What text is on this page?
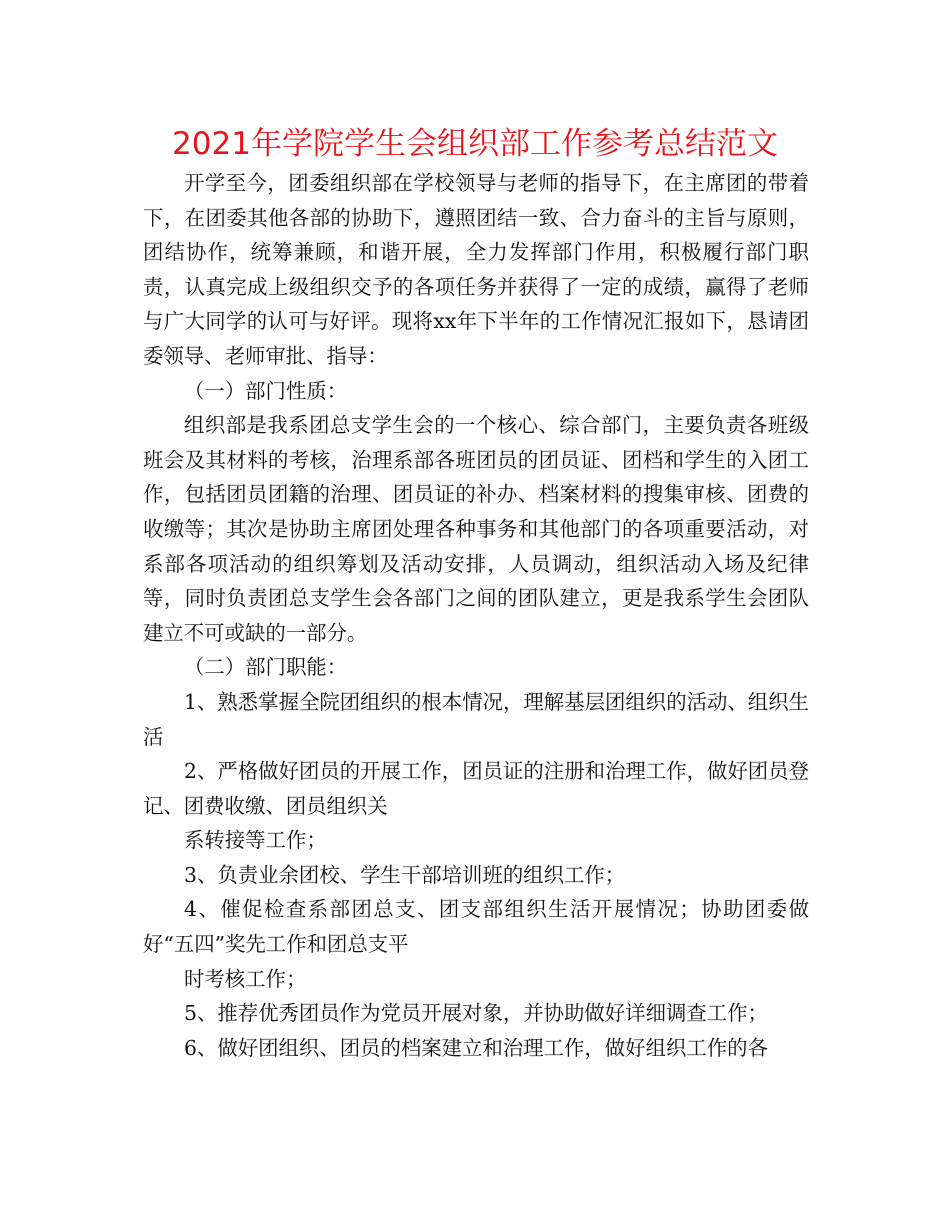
2021年学院学生会组织部工作参考总结范文

开学至今，团委组织部在学校领导与老师的指导下，在主席团的带着下，在团委其他各部的协助下，遵照团结一致、合力奋斗的主旨与原则，团结协作，统筹兼顾，和谐开展，全力发挥部门作用，积极履行部门职责，认真完成上级组织交予的各项任务并获得了一定的成绩，赢得了老师与广大同学的认可与好评。现将xx年下半年的工作情况汇报如下，恳请团委领导、老师审批、指导：

（一）部门性质：

组织部是我系团总支学生会的一个核心、综合部门，主要负责各班级班会及其材料的考核，治理系部各班团员的团员证、团档和学生的入团工作，包括团员团籍的治理、团员证的补办、档案材料的搜集审核、团费的收缴等；其次是协助主席团处理各种事务和其他部门的各项重要活动，对系部各项活动的组织筹划及活动安排，人员调动，组织活动入场及纪律等，同时负责团总支学生会各部门之间的团队建立，更是我系学生会团队建立不可或缺的一部分。

（二）部门职能：

1、熟悉掌握全院团组织的根本情况，理解基层团组织的活动、组织生活

2、严格做好团员的开展工作，团员证的注册和治理工作，做好团员登记、团费收缴、团员组织关

系转接等工作；

3、负责业余团校、学生干部培训班的组织工作；

4、催促检查系部团总支、团支部组织生活开展情况；协助团委做好“五四”奖先工作和团总支平

时考核工作；

5、推荐优秀团员作为党员开展对象，并协助做好详细调查工作；

6、做好团组织、团员的档案建立和治理工作，做好组织工作的各
